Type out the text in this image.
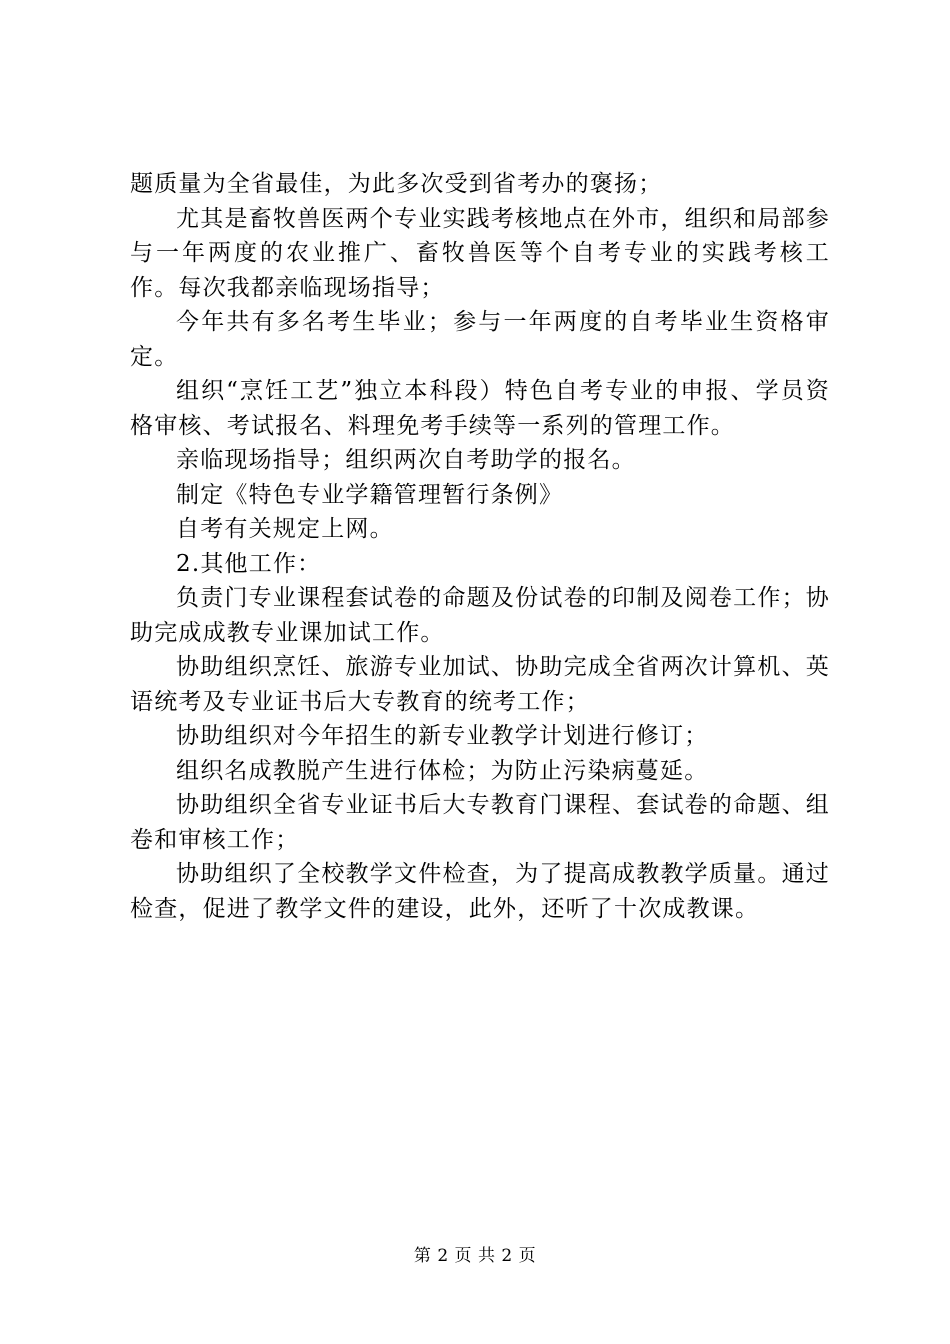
题质量为全省最佳，为此多次受到省考办的褒扬；

尤其是畜牧兽医两个专业实践考核地点在外市，组织和局部参与一年两度的农业推广、畜牧兽医等个自考专业的实践考核工作。每次我都亲临现场指导；

今年共有多名考生毕业；参与一年两度的自考毕业生资格审定。

组织“烹饪工艺”独立本科段）特色自考专业的申报、学员资格审核、考试报名、料理免考手续等一系列的管理工作。

亲临现场指导；组织两次自考助学的报名。

制定《特色专业学籍管理暂行条例》

自考有关规定上网。

2.其他工作：

负责门专业课程套试卷的命题及份试卷的印制及阅卷工作；协助完成成教专业课加试工作。

协助组织烹饪、旅游专业加试、协助完成全省两次计算机、英语统考及专业证书后大专教育的统考工作；

协助组织对今年招生的新专业教学计划进行修订；

组织名成教脱产生进行体检；为防止污染病蔓延。

协助组织全省专业证书后大专教育门课程、套试卷的命题、组卷和审核工作；

协助组织了全校教学文件检查，为了提高成教教学质量。通过检查，促进了教学文件的建设，此外，还听了十次成教课。

第 2 页 共 2 页
